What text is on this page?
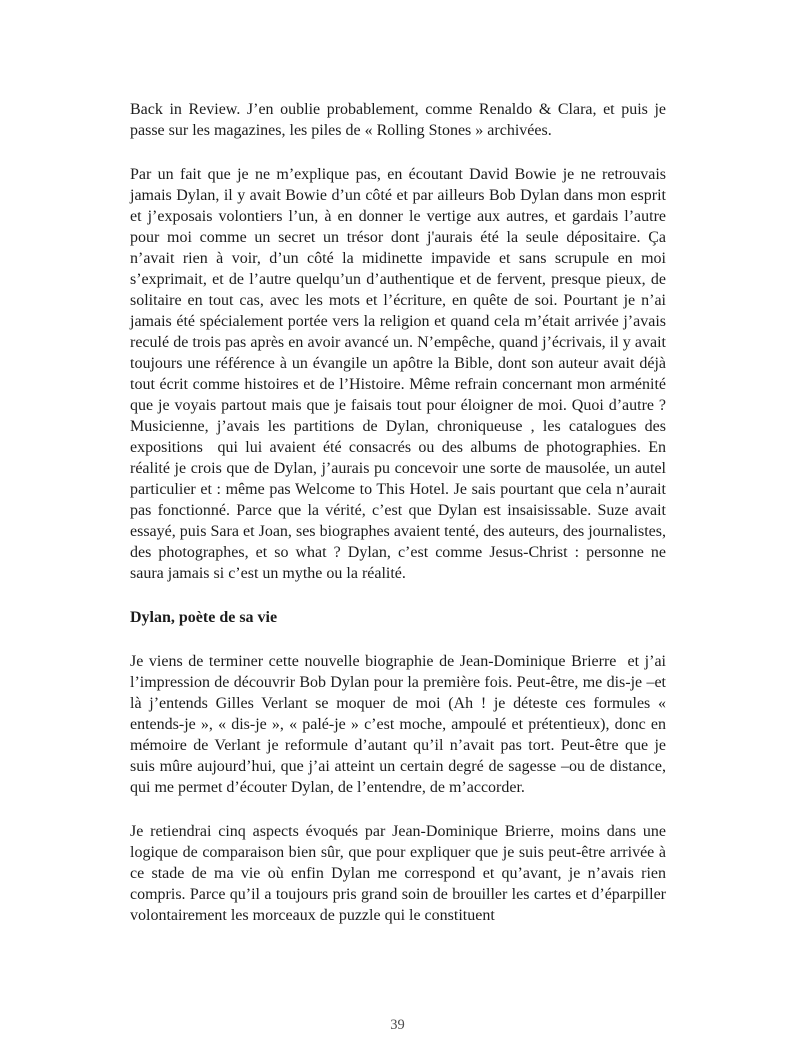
Back in Review. J’en oublie probablement, comme Renaldo & Clara, et puis je passe sur les magazines, les piles de « Rolling Stones » archivées.

Par un fait que je ne m’explique pas, en écoutant David Bowie je ne retrouvais jamais Dylan, il y avait Bowie d’un côté et par ailleurs Bob Dylan dans mon esprit et j’exposais volontiers l’un, à en donner le vertige aux autres, et gardais l’autre pour moi comme un secret un trésor dont j'aurais été la seule dépositaire. Ça n’avait rien à voir, d’un côté la midinette impavide et sans scrupule en moi s’exprimait, et de l’autre quelqu’un d’authentique et de fervent, presque pieux, de solitaire en tout cas, avec les mots et l’écriture, en quête de soi. Pourtant je n’ai jamais été spécialement portée vers la religion et quand cela m’était arrivée j’avais reculé de trois pas après en avoir avancé un. N’empêche, quand j’écrivais, il y avait toujours une référence à un évangile un apôtre la Bible, dont son auteur avait déjà tout écrit comme histoires et de l’Histoire. Même refrain concernant mon arménité  que je voyais partout mais que je faisais tout pour éloigner de moi. Quoi d’autre ? Musicienne, j’avais les partitions de Dylan, chroniqueuse , les catalogues des expositions  qui lui avaient été consacrés ou des albums de photographies. En réalité je crois que de Dylan, j’aurais pu concevoir une sorte de mausolée, un autel particulier et : même pas Welcome to This Hotel. Je sais pourtant que cela n’aurait pas fonctionné. Parce que la vérité, c’est que Dylan est insaisissable. Suze avait essayé, puis Sara et Joan, ses biographes avaient tenté, des auteurs, des journalistes, des photographes, et so what ? Dylan, c’est comme Jesus-Christ : personne ne saura jamais si c’est un mythe ou la réalité.

Dylan, poète de sa vie

Je viens de terminer cette nouvelle biographie de Jean-Dominique Brierre  et j’ai l’impression de découvrir Bob Dylan pour la première fois. Peut-être, me dis-je –et là j’entends Gilles Verlant se moquer de moi (Ah ! je déteste ces formules « entends-je », « dis-je », « palé-je » c’est moche, ampoulé et prétentieux), donc en mémoire de Verlant je reformule d’autant qu’il n’avait pas tort. Peut-être que je suis mûre aujourd’hui, que j’ai atteint un certain degré de sagesse –ou de distance, qui me permet d’écouter Dylan, de l’entendre, de m’accorder.

Je retiendrai cinq aspects évoqués par Jean-Dominique Brierre, moins dans une logique de comparaison bien sûr, que pour expliquer que je suis peut-être arrivée à ce stade de ma vie où enfin Dylan me correspond et qu’avant, je n’avais rien compris. Parce qu’il a toujours pris grand soin de brouiller les cartes et d’éparpiller volontairement les morceaux de puzzle qui le constituent

39
